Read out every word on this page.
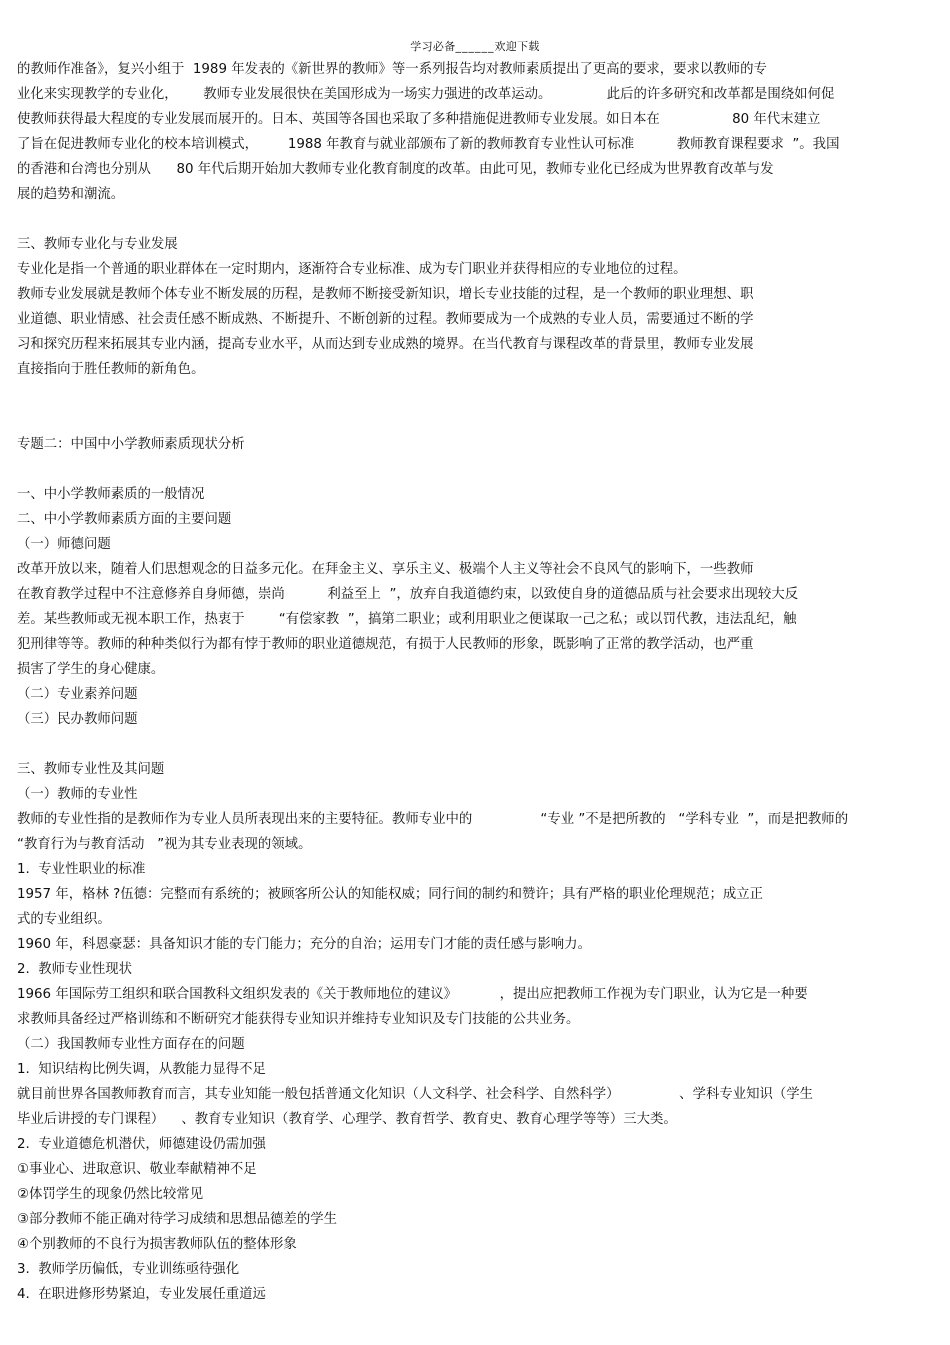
学习必备______欢迎下载

的教师作准备》，复兴小组于  1989 年发表的《新世界的教师》等一系列报告均对教师素质提出了更高的要求，要求以教师的专

业化来实现教学的专业化，      教师专业发展很快在美国形成为一场实力强进的改革运动。             此后的许多研究和改革都是围绕如何促

使教师获得最大程度的专业发展而展开的。日本、英国等各国也采取了多种措施促进教师专业发展。如日本在                 80 年代末建立

了旨在促进教师专业化的校本培训模式，       1988 年教育与就业部颁布了新的教师教育专业性认可标准          教师教育课程要求  ”。我国

的香港和台湾也分别从      80 年代后期开始加大教师专业化教育制度的改革。由此可见，教师专业化已经成为世界教育改革与发

展的趋势和潮流。

三、教师专业化与专业发展

专业化是指一个普通的职业群体在一定时期内，逐渐符合专业标准、成为专门职业并获得相应的专业地位的过程。

教师专业发展就是教师个体专业不断发展的历程，是教师不断接受新知识，增长专业技能的过程，是一个教师的职业理想、职

业道德、职业情感、社会责任感不断成熟、不断提升、不断创新的过程。教师要成为一个成熟的专业人员，需要通过不断的学

习和探究历程来拓展其专业内涵，提高专业水平，从而达到专业成熟的境界。在当代教育与课程改革的背景里，教师专业发展

直接指向于胜任教师的新角色。

专题二：中国中小学教师素质现状分析

一、中小学教师素质的一般情况

二、中小学教师素质方面的主要问题

（一）师德问题

改革开放以来，随着人们思想观念的日益多元化。在拜金主义、享乐主义、极端个人主义等社会不良风气的影响下，一些教师

在教育教学过程中不注意修养自身师德，崇尚          利益至上  ”，放弃自我道德约束，以致使自身的道德品质与社会要求出现较大反

差。某些教师或无视本职工作，热衷于        “有偿家教  ”，搞第二职业；或利用职业之便谋取一己之私；或以罚代教，违法乱纪，触

犯刑律等等。教师的种种类似行为都有悖于教师的职业道德规范，有损于人民教师的形象，既影响了正常的教学活动，也严重

损害了学生的身心健康。

（二）专业素养问题

（三）民办教师问题

三、教师专业性及其问题

（一）教师的专业性

教师的专业性指的是教师作为专业人员所表现出来的主要特征。教师专业中的                “专业 ”不是把所教的   “学科专业  ”，而是把教师的

“教育行为与教育活动   ”视为其专业表现的领域。

1.  专业性职业的标准

1957 年，格林 ?伍德：完整而有系统的；被顾客所公认的知能权威；同行间的制约和赞许；具有严格的职业伦理规范；成立正

式的专业组织。

1960 年，科恩豪瑟：具备知识才能的专门能力；充分的自治；运用专门才能的责任感与影响力。

2.  教师专业性现状

1966 年国际劳工组织和联合国教科文组织发表的《关于教师地位的建议》          ，提出应把教师工作视为专门职业，认为它是一种要

求教师具备经过严格训练和不断研究才能获得专业知识并维持专业知识及专门技能的公共业务。

（二）我国教师专业性方面存在的问题

1.  知识结构比例失调，从教能力显得不足

就目前世界各国教师教育而言，其专业知能一般包括普通文化知识（人文科学、社会科学、自然科学）              、学科专业知识（学生

毕业后讲授的专门课程）    、教育专业知识（教育学、心理学、教育哲学、教育史、教育心理学等等）三大类。

2.  专业道德危机潜伏，师德建设仍需加强

①事业心、进取意识、敬业奉献精神不足

②体罚学生的现象仍然比较常见

③部分教师不能正确对待学习成绩和思想品德差的学生

④个别教师的不良行为损害教师队伍的整体形象

3.  教师学历偏低，专业训练亟待强化

4.  在职进修形势紧迫，专业发展任重道远
